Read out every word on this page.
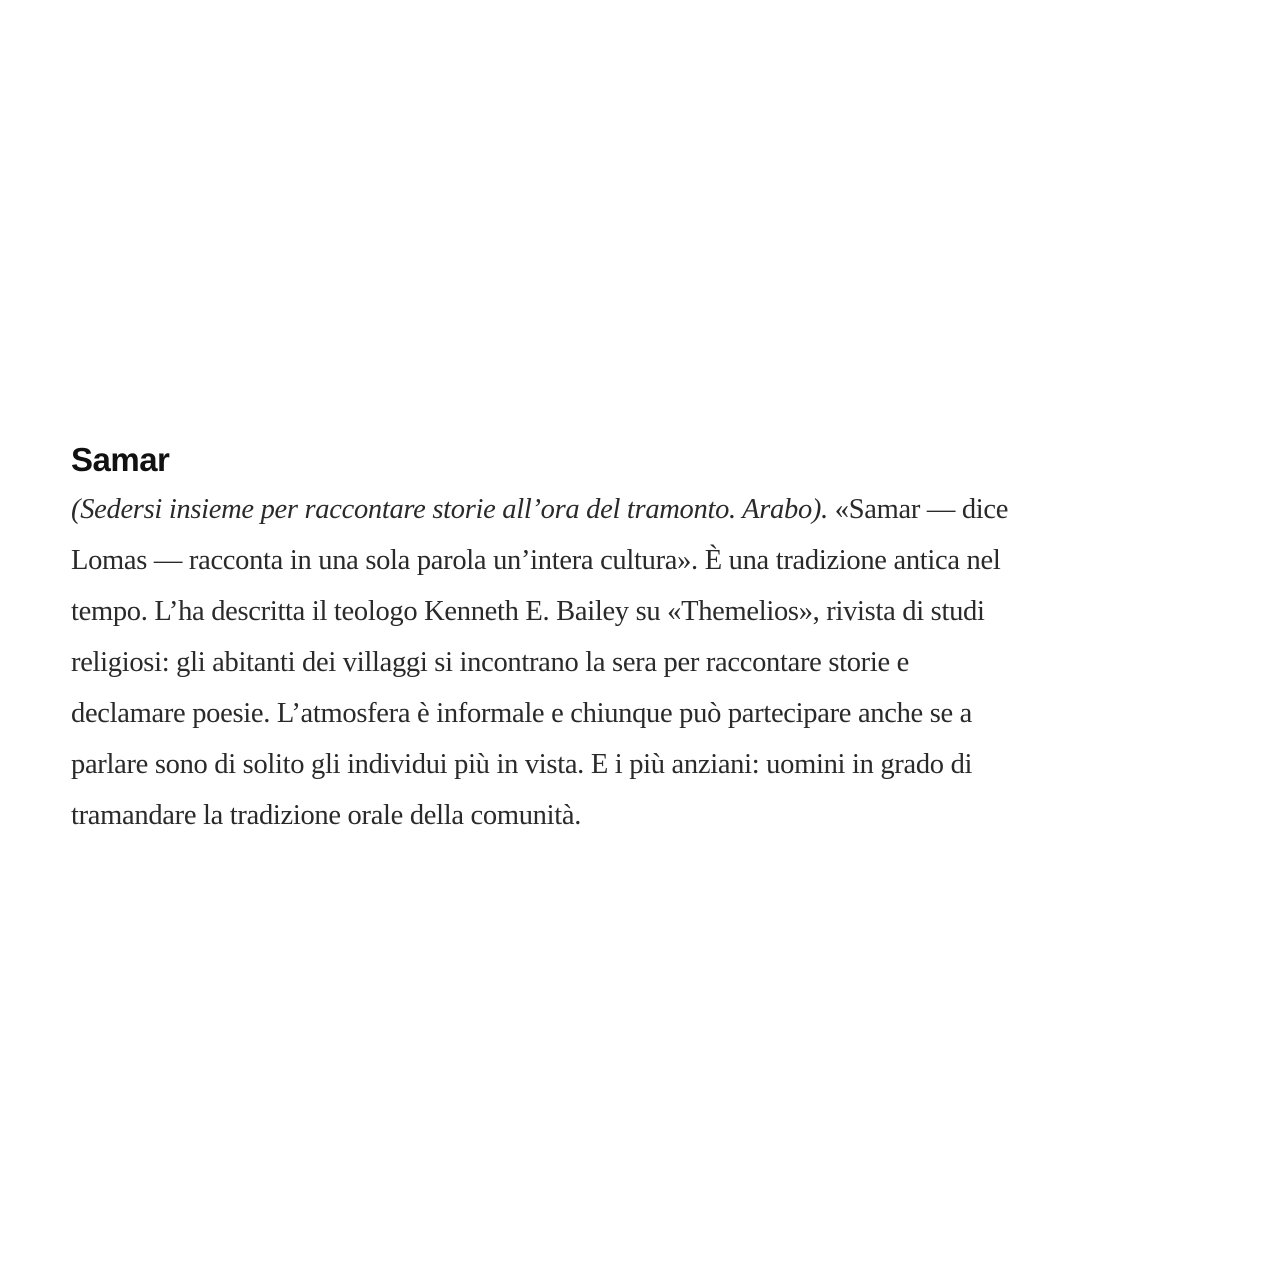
Samar

(Sedersi insieme per raccontare storie all’ora del tramonto. Arabo). «Samar — dice
Lomas — racconta in una sola parola un’intera cultura». È una tradizione antica nel
tempo. L’ha descritta il teologo Kenneth E. Bailey su «Themelios», rivista di studi
religiosi: gli abitanti dei villaggi si incontrano la sera per raccontare storie e
declamare poesie. L’atmosfera è informale e chiunque può partecipare anche se a
parlare sono di solito gli individui più in vista. E i più anziani: uomini in grado di
tramandare la tradizione orale della comunità.
